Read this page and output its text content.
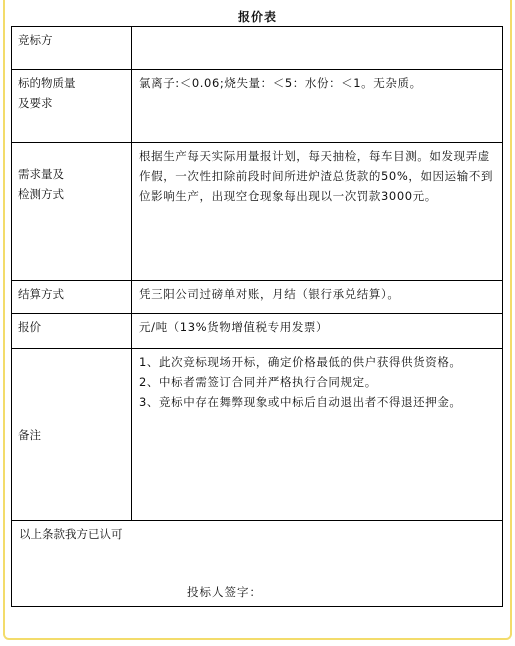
报价表
竞标方	

标的物质量
及要求	氯离子:＜0.06;烧失量：＜5：水份：＜1。无杂质。

需求量及
检测方式	根据生产每天实际用量报计划，每天抽检，每车目测。如发现弄虚作假，一次性扣除前段时间所进炉渣总货款的50%，如因运输不到位影响生产，出现空仓现象每出现以一次罚款3000元。
结算方式	凭三阳公司过磅单对账，月结（银行承兑结算）。
报价	元/吨（13%货物增值税专用发票）
备注	1、此次竞标现场开标，确定价格最低的供户获得供货资格。
2、中标者需签订合同并严格执行合同规定。
3、竞标中存在舞弊现象或中标后自动退出者不得退还押金。

以上条款我方已认可
投标人签字：	
